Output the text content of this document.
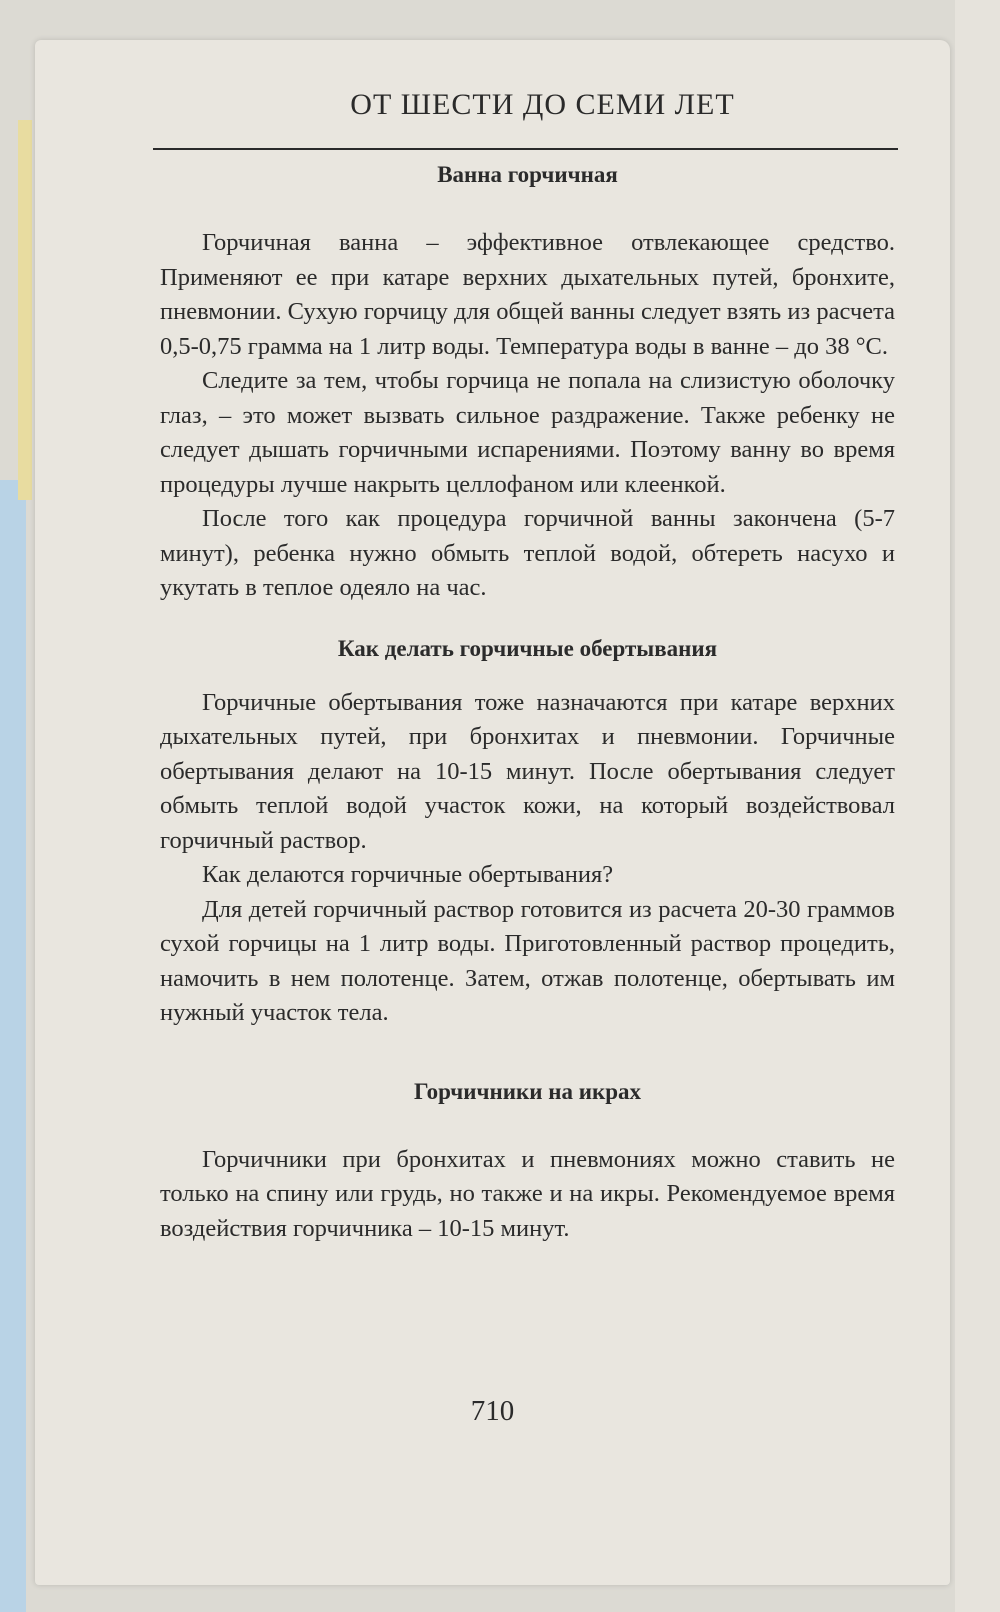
ОТ ШЕСТИ ДО СЕМИ ЛЕТ
Ванна горчичная

Горчичная ванна – эффективное отвлекающее средство. Применяют ее при катаре верхних дыхательных путей, бронхите, пневмонии. Сухую горчицу для общей ванны следует взять из расчета 0,5-0,75 грамма на 1 литр воды. Температура воды в ванне – до 38 °С.

Следите за тем, чтобы горчица не попала на слизистую оболочку глаз, – это может вызвать сильное раздражение. Также ребенку не следует дышать горчичными испарениями. Поэтому ванну во время процедуры лучше накрыть целлофаном или клеенкой.

После того как процедура горчичной ванны закончена (5-7 минут), ребенка нужно обмыть теплой водой, обтереть насухо и укутать в теплое одеяло на час.

Как делать горчичные обертывания

Горчичные обертывания тоже назначаются при катаре верхних дыхательных путей, при бронхитах и пневмонии. Горчичные обертывания делают на 10-15 минут. После обертывания следует обмыть теплой водой участок кожи, на который воздействовал горчичный раствор.

Как делаются горчичные обертывания?

Для детей горчичный раствор готовится из расчета 20-30 граммов сухой горчицы на 1 литр воды. Приготовленный раствор процедить, намочить в нем полотенце. Затем, отжав полотенце, обертывать им нужный участок тела.

Горчичники на икрах

Горчичники при бронхитах и пневмониях можно ставить не только на спину или грудь, но также и на икры. Рекомендуемое время воздействия горчичника – 10-15 минут.

710
